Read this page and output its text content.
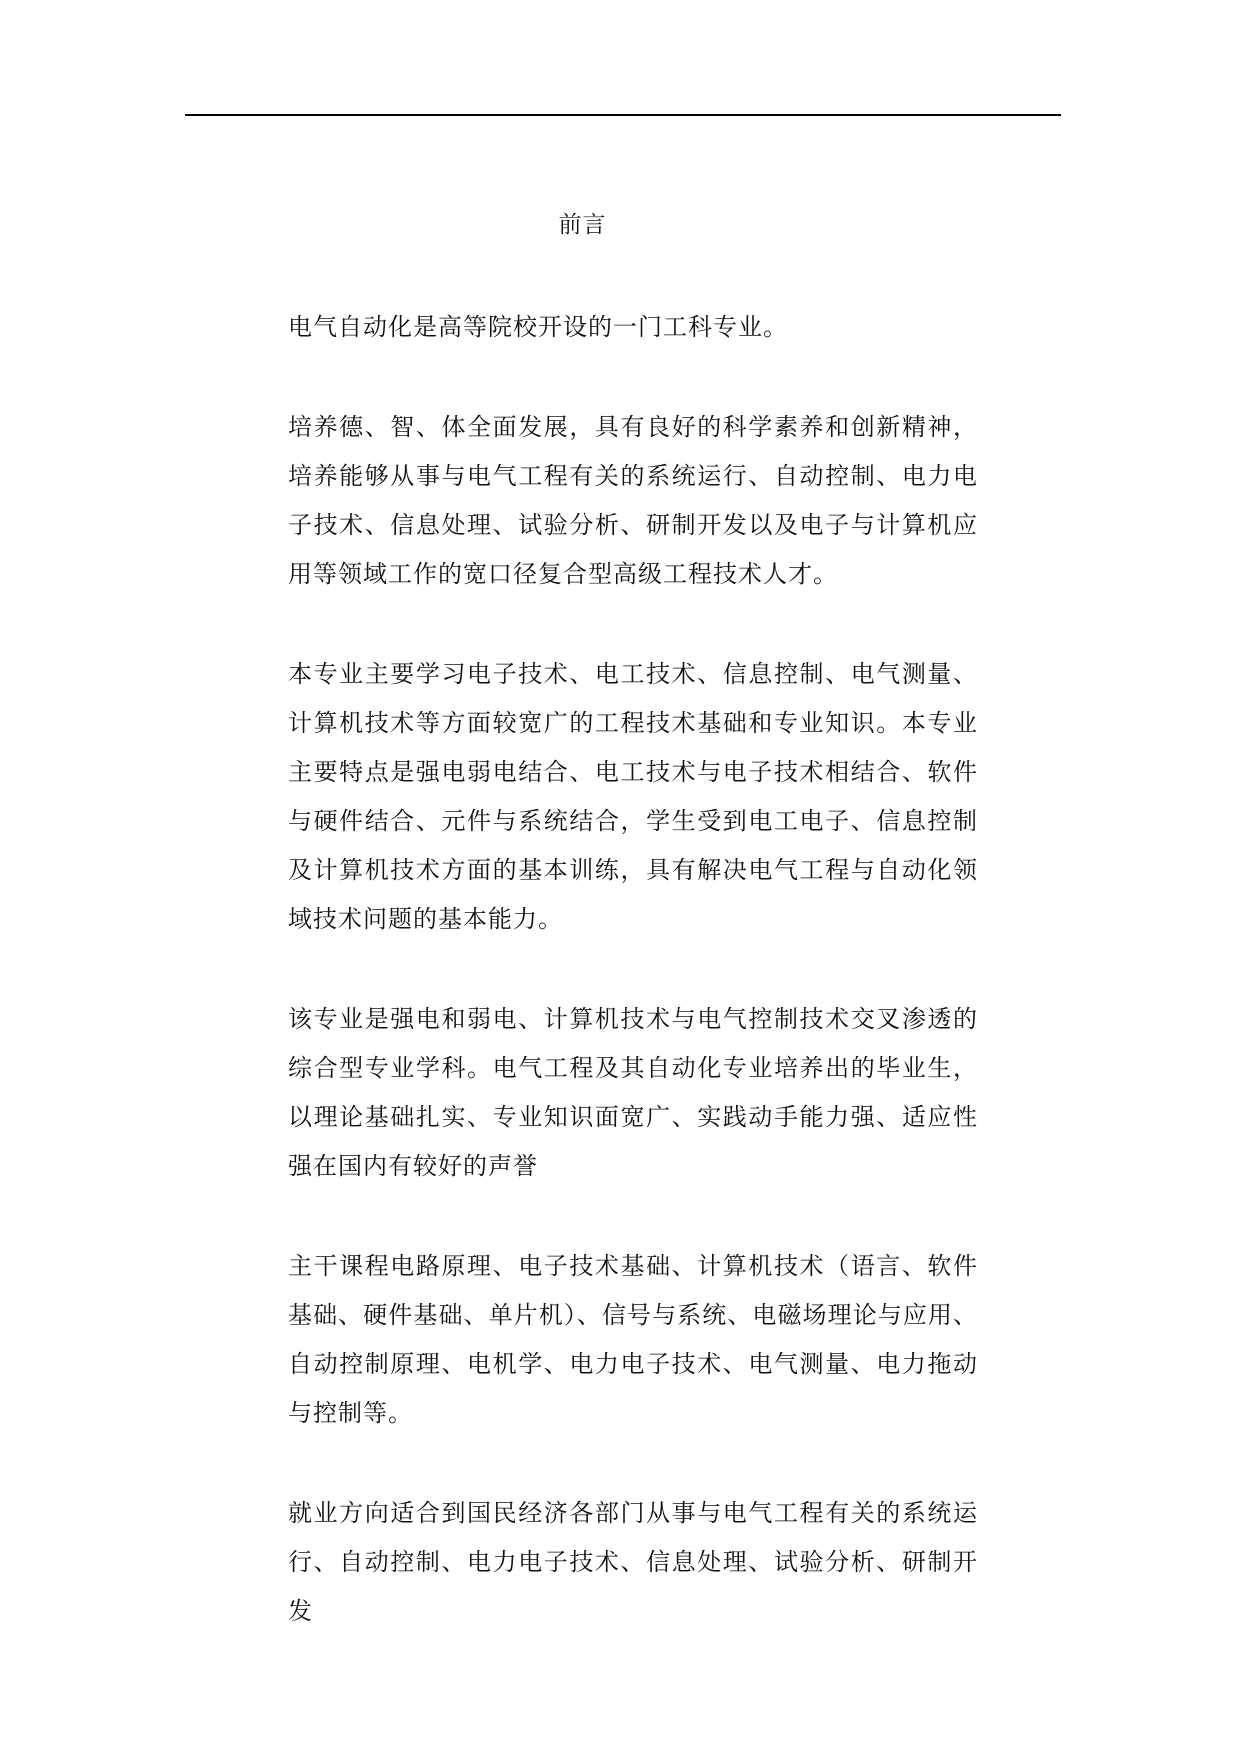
前言

电气自动化是高等院校开设的一门工科专业。

培养德、智、体全面发展，具有良好的科学素养和创新精神，培养能够从事与电气工程有关的系统运行、自动控制、电力电子技术、信息处理、试验分析、研制开发以及电子与计算机应用等领域工作的宽口径复合型高级工程技术人才。

本专业主要学习电子技术、电工技术、信息控制、电气测量、计算机技术等方面较宽广的工程技术基础和专业知识。本专业主要特点是强电弱电结合、电工技术与电子技术相结合、软件与硬件结合、元件与系统结合，学生受到电工电子、信息控制及计算机技术方面的基本训练，具有解决电气工程与自动化领域技术问题的基本能力。

该专业是强电和弱电、计算机技术与电气控制技术交叉渗透的综合型专业学科。电气工程及其自动化专业培养出的毕业生，以理论基础扎实、专业知识面宽广、实践动手能力强、适应性强在国内有较好的声誉

主干课程电路原理、电子技术基础、计算机技术（语言、软件基础、硬件基础、单片机）、信号与系统、电磁场理论与应用、自动控制原理、电机学、电力电子技术、电气测量、电力拖动与控制等。

就业方向适合到国民经济各部门从事与电气工程有关的系统运行、自动控制、电力电子技术、信息处理、试验分析、研制开发
